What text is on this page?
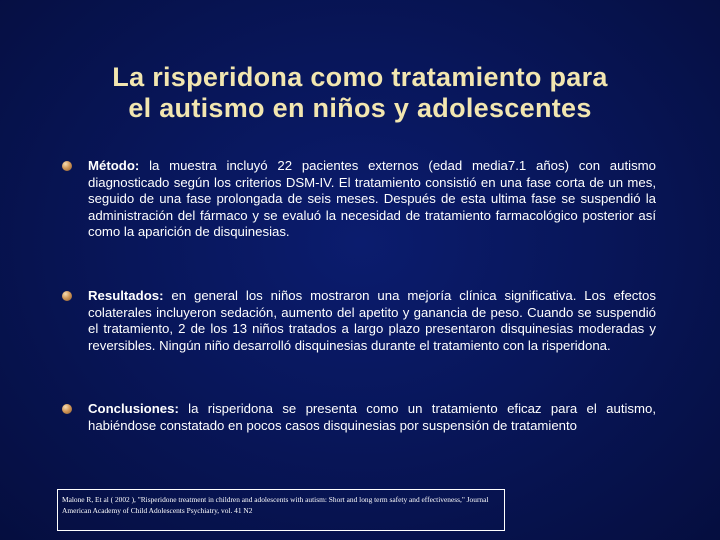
La risperidona como tratamiento para
el autismo en niños y adolescentes
Método: la muestra incluyó 22 pacientes externos (edad media7.1 años) con autismo diagnosticado según los criterios DSM-IV. El tratamiento consistió en una fase corta de un mes, seguido de una fase prolongada de seis meses. Después de esta ultima fase se suspendió la administración del fármaco y se evaluó la necesidad de tratamiento farmacológico posterior así como la aparición de disquinesias.
Resultados: en general los niños mostraron una mejoría clínica significativa. Los efectos colaterales incluyeron sedación, aumento del apetito y ganancia de peso. Cuando se suspendió el tratamiento, 2 de los 13 niños tratados a largo plazo presentaron disquinesias moderadas y reversibles. Ningún niño desarrolló disquinesias durante el tratamiento con la risperidona.
Conclusiones: la risperidona se presenta como un tratamiento eficaz para el autismo, habiéndose constatado en pocos casos disquinesias por suspensión de tratamiento
Malone R, Et al ( 2002 ), "Risperidone treatment in children and adolescents with autism: Short and long term safety and effectiveness," Journal American Academy of Child Adolescents Psychiatry, vol. 41 N2
